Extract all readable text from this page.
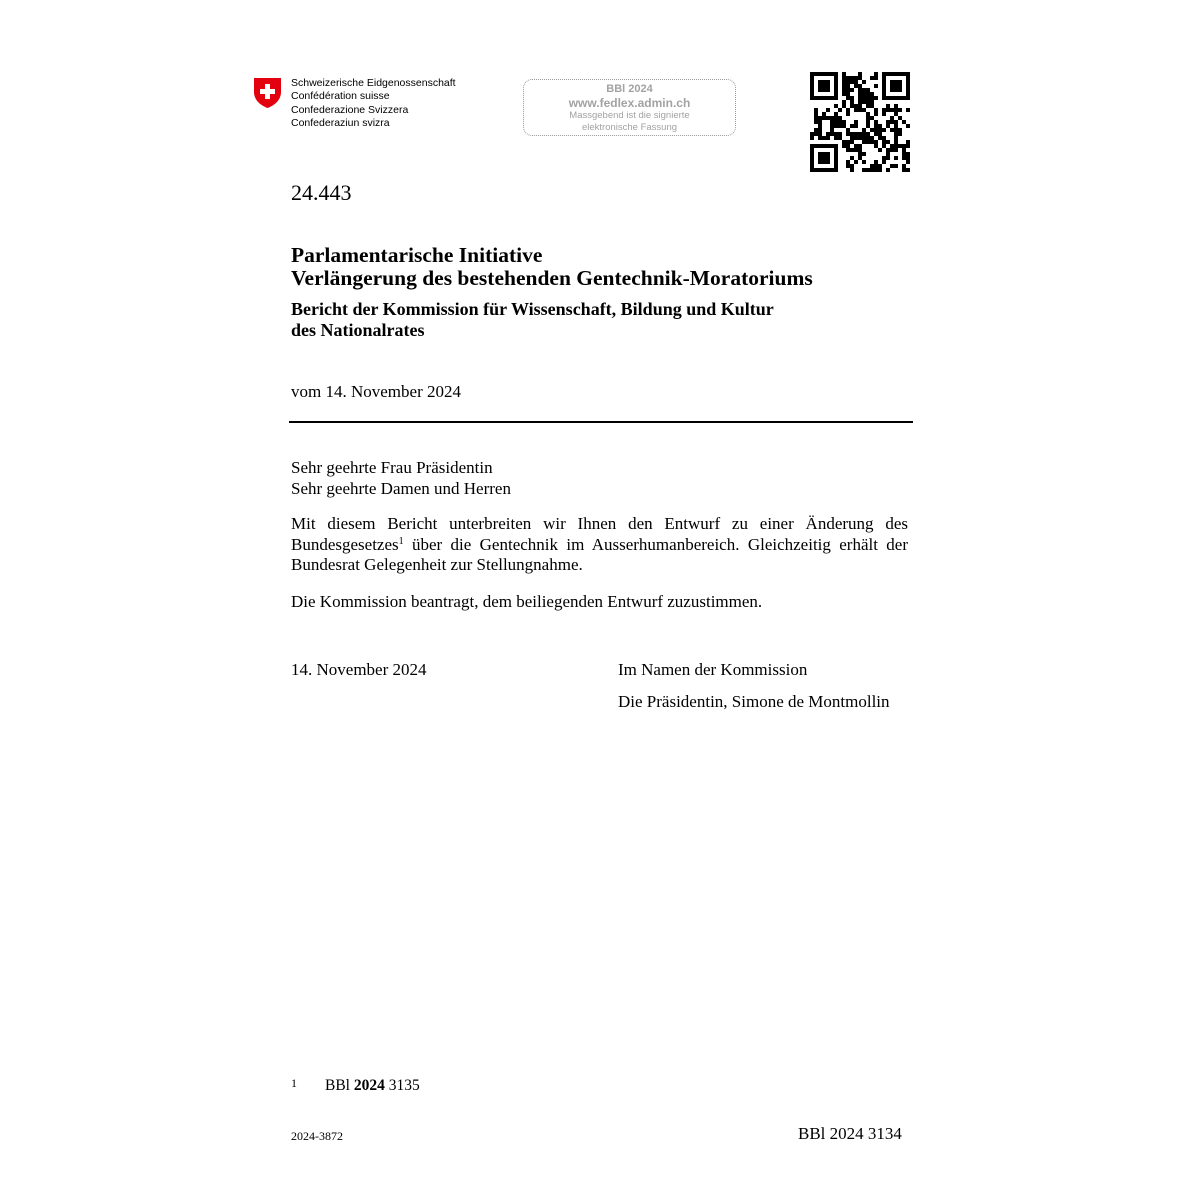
Schweizerische Eidgenossenschaft
Confédération suisse
Confederazione Svizzera
Confederaziun svizra
BBl 2024
www.fedlex.admin.ch
Massgebend ist die signierte
elektronische Fassung
24.443
Parlamentarische Initiative
Verlängerung des bestehenden Gentechnik-Moratoriums
Bericht der Kommission für Wissenschaft, Bildung und Kultur
des Nationalrates
vom 14. November 2024
Sehr geehrte Frau Präsidentin
Sehr geehrte Damen und Herren
Mit diesem Bericht unterbreiten wir Ihnen den Entwurf zu einer Änderung des Bundesgesetzes$^1$ über die Gentechnik im Ausserhumanbereich. Gleichzeitig erhält der Bundesrat Gelegenheit zur Stellungnahme.
Die Kommission beantragt, dem beiliegenden Entwurf zuzustimmen.
14. November 2024	Im Namen der Kommission
Die Präsidentin, Simone de Montmollin
1 BBl 2024 3135
2024-3872	BBl 2024 3134
